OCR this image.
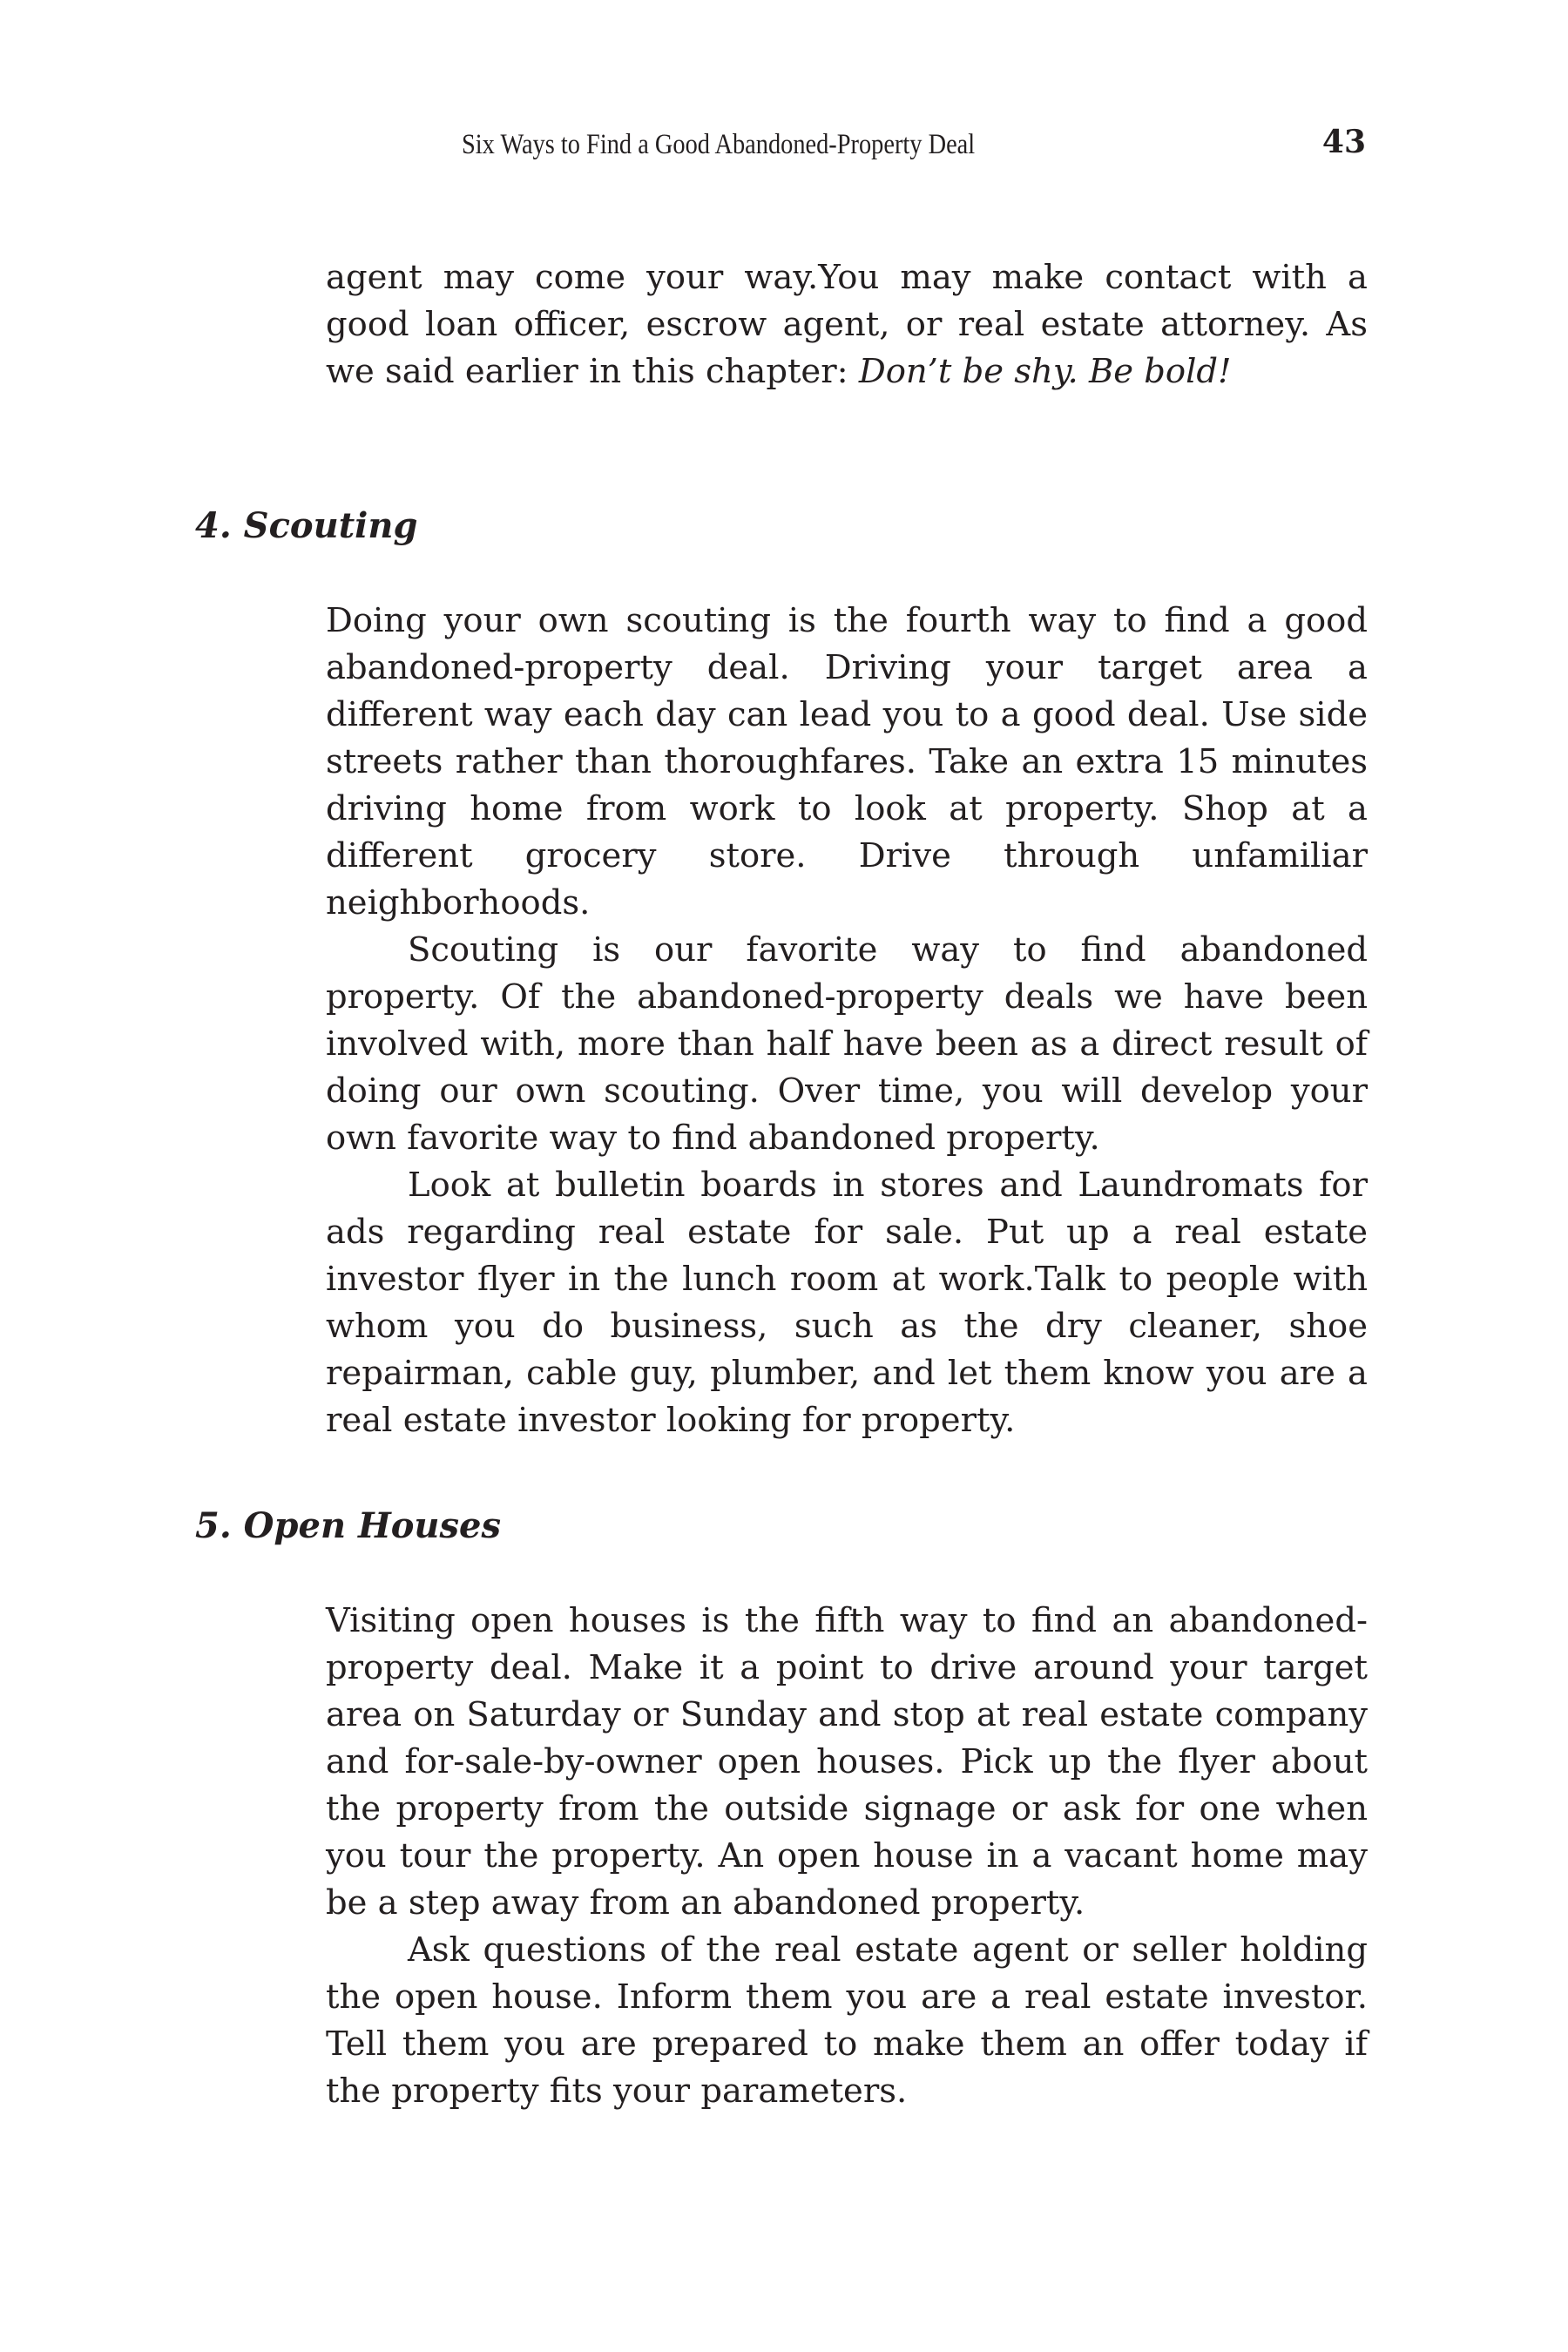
Six Ways to Find a Good Abandoned-Property Deal	43

agent may come your way.You may make contact with a good loan officer, escrow agent, or real estate attorney. As we said earlier in this chapter: Don’t be shy. Be bold!

4. Scouting

Doing your own scouting is the fourth way to find a good abandoned-property deal. Driving your target area a different way each day can lead you to a good deal. Use side streets rather than thoroughfares. Take an extra 15 minutes driving home from work to look at property. Shop at a different grocery store. Drive through unfamiliar neighborhoods.

Scouting is our favorite way to find abandoned property. Of the abandoned-property deals we have been involved with, more than half have been as a direct result of doing our own scouting. Over time, you will develop your own favorite way to find abandoned property.

Look at bulletin boards in stores and Laundromats for ads regarding real estate for sale. Put up a real estate investor flyer in the lunch room at work.Talk to people with whom you do business, such as the dry cleaner, shoe repairman, cable guy, plumber, and let them know you are a real estate investor looking for property.

5. Open Houses

Visiting open houses is the fifth way to find an abandoned-property deal. Make it a point to drive around your target area on Saturday or Sunday and stop at real estate company and for-sale-by-owner open houses. Pick up the flyer about the property from the outside signage or ask for one when you tour the property. An open house in a vacant home may be a step away from an abandoned property.

Ask questions of the real estate agent or seller holding the open house. Inform them you are a real estate investor. Tell them you are prepared to make them an offer today if the property fits your parameters.
